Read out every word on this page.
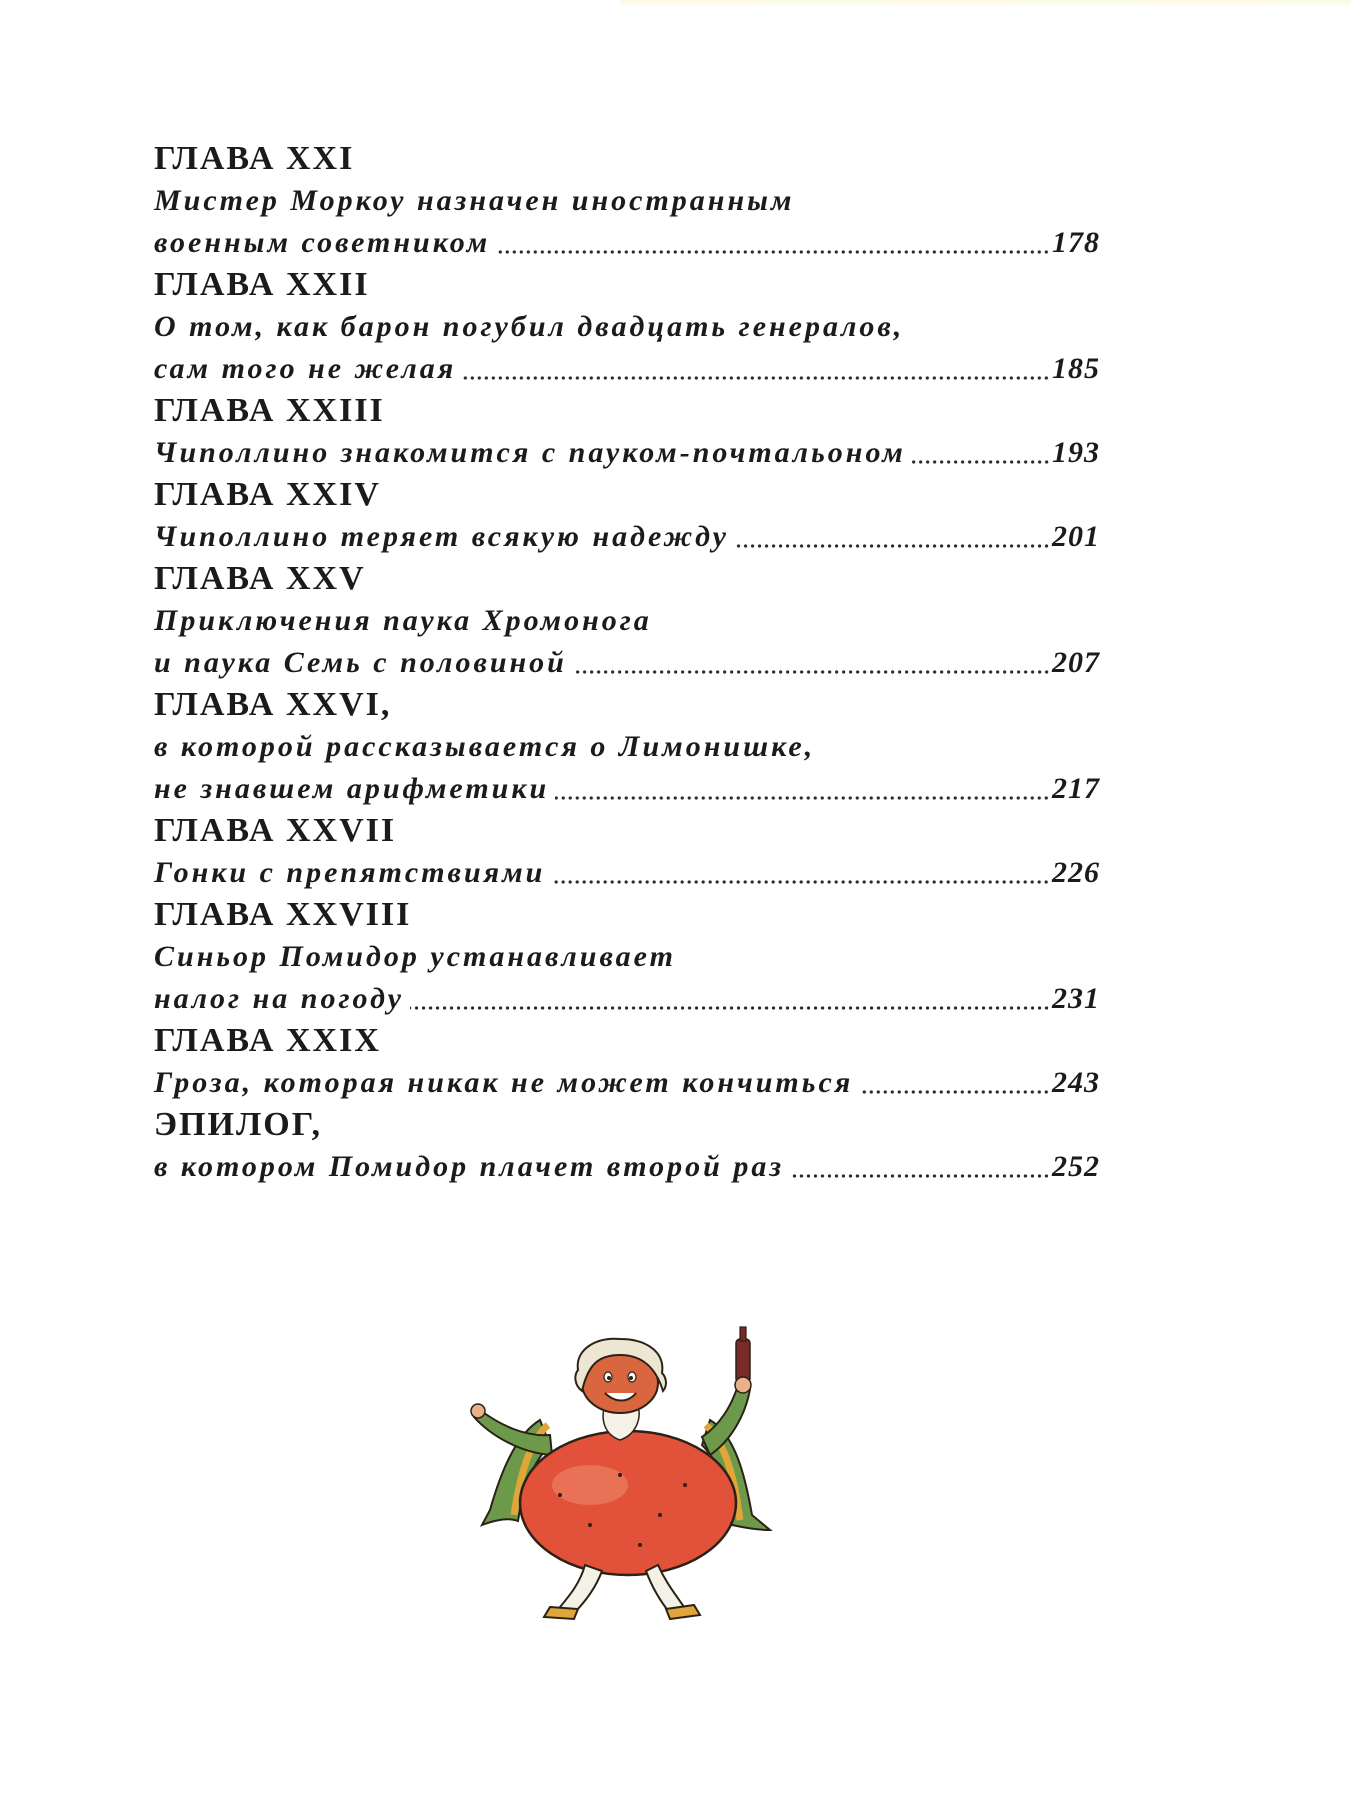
ГЛАВА XXI
Мистер Моркоу назначен иностранным
военным советником	178
ГЛАВА XXII
О том, как барон погубил двадцать генералов,
сам того не желая	185
ГЛАВА XXIII
Чиполлино знакомится с пауком-почтальоном	193
ГЛАВА XXIV
Чиполлино теряет всякую надежду	201
ГЛАВА XXV
Приключения паука Хромонога
и паука Семь с половиной	207
ГЛАВА XXVI,
в которой рассказывается о Лимонишке,
не знавшем арифметики	217
ГЛАВА XXVII
Гонки с препятствиями	226
ГЛАВА XXVIII
Синьор Помидор устанавливает
налог на погоду	231
ГЛАВА XXIX
Гроза, которая никак не может кончиться	243
ЭПИЛОГ,
в котором Помидор плачет второй раз	252
